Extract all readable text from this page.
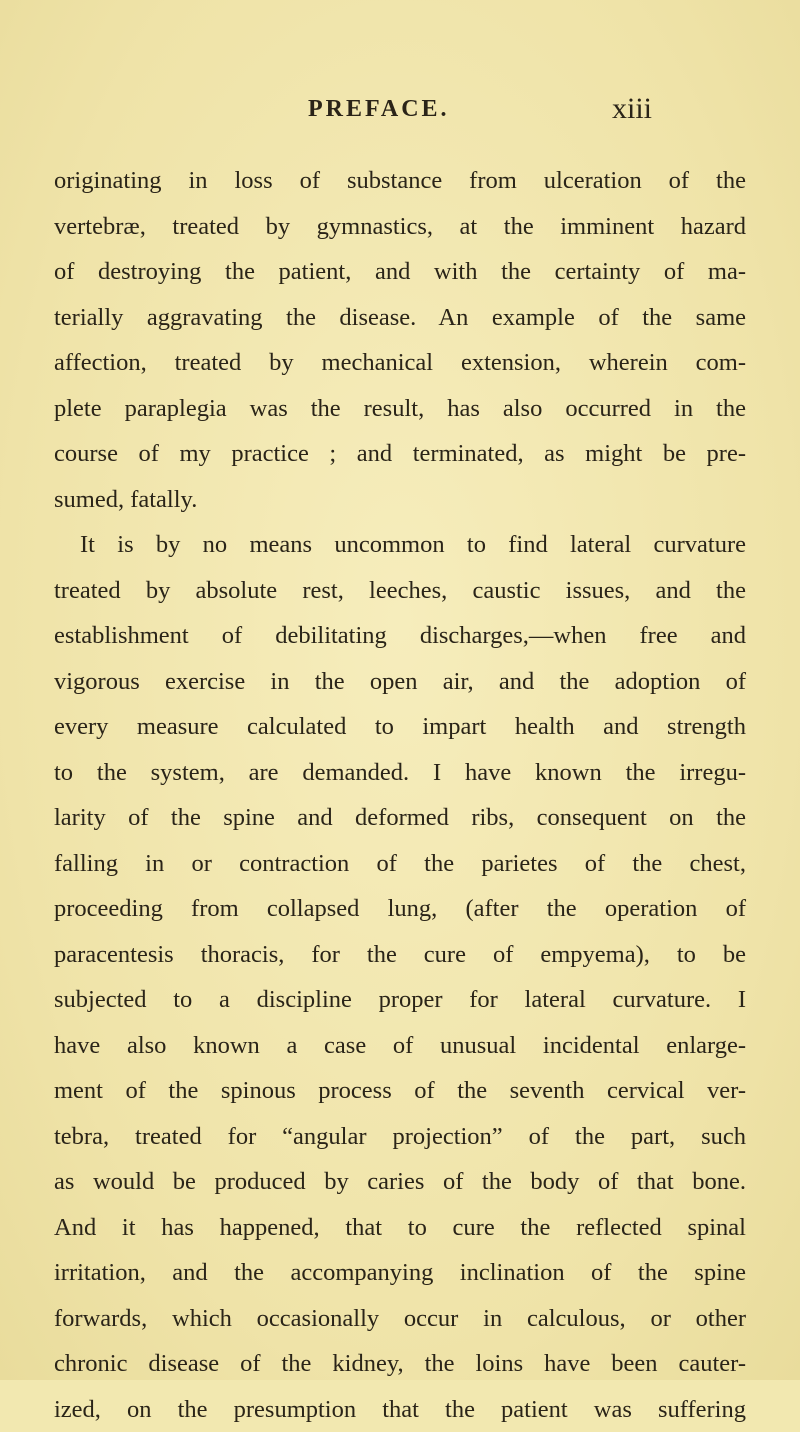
PREFACE.	xiii
originating in loss of substance from ulceration of the
vertebræ, treated by gymnastics, at the imminent hazard
of destroying the patient, and with the certainty of ma-
terially aggravating the disease. An example of the same
affection, treated by mechanical extension, wherein com-
plete paraplegia was the result, has also occurred in the
course of my practice ; and terminated, as might be pre-
sumed, fatally.
It is by no means uncommon to find lateral curvature
treated by absolute rest, leeches, caustic issues, and the
establishment of debilitating discharges,—when free and
vigorous exercise in the open air, and the adoption of
every measure calculated to impart health and strength
to the system, are demanded. I have known the irregu-
larity of the spine and deformed ribs, consequent on the
falling in or contraction of the parietes of the chest,
proceeding from collapsed lung, (after the operation of
paracentesis thoracis, for the cure of empyema), to be
subjected to a discipline proper for lateral curvature. I
have also known a case of unusual incidental enlarge-
ment of the spinous process of the seventh cervical ver-
tebra, treated for “angular projection” of the part, such
as would be produced by caries of the body of that bone.
And it has happened, that to cure the reflected spinal
irritation, and the accompanying inclination of the spine
forwards, which occasionally occur in calculous, or other
chronic disease of the kidney, the loins have been cauter-
ized, on the presumption that the patient was suffering
